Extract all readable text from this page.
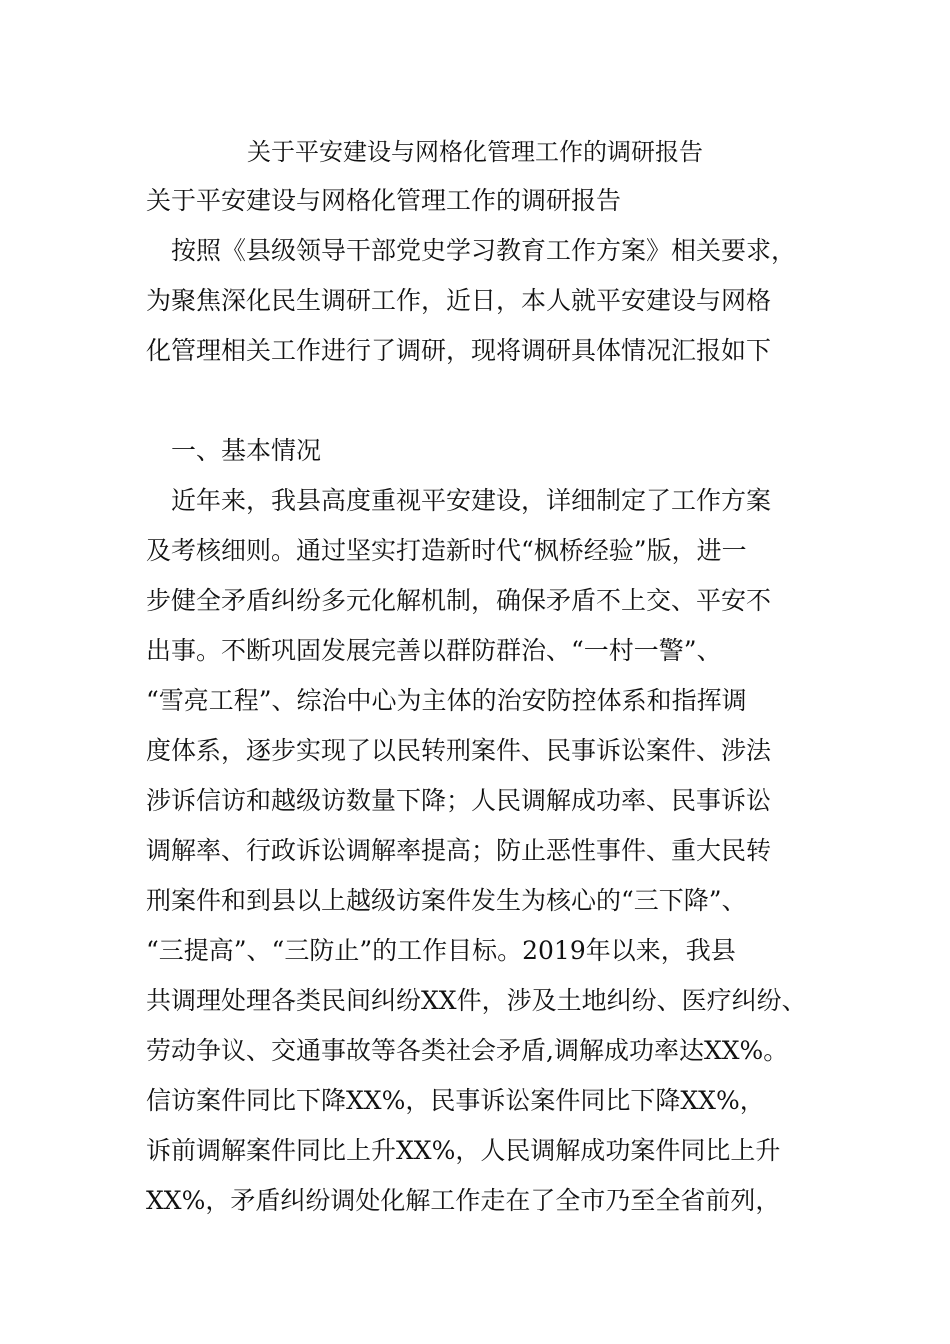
关于平安建设与网格化管理工作的调研报告
关于平安建设与网格化管理工作的调研报告
　按照《县级领导干部党史学习教育工作方案》相关要求，
为聚焦深化民生调研工作，近日，本人就平安建设与网格
化管理相关工作进行了调研，现将调研具体情况汇报如下
　一、基本情况
　近年来，我县高度重视平安建设，详细制定了工作方案
及考核细则。通过坚实打造新时代“枫桥经验”版，进一
步健全矛盾纠纷多元化解机制，确保矛盾不上交、平安不
出事。不断巩固发展完善以群防群治、“一村一警”、
“雪亮工程”、综治中心为主体的治安防控体系和指挥调
度体系，逐步实现了以民转刑案件、民事诉讼案件、涉法
涉诉信访和越级访数量下降；人民调解成功率、民事诉讼
调解率、行政诉讼调解率提高；防止恶性事件、重大民转
刑案件和到县以上越级访案件发生为核心的“三下降”、
“三提高”、“三防止”的工作目标。2019年以来，我县
共调理处理各类民间纠纷XX件，涉及土地纠纷、医疗纠纷、
劳动争议、交通事故等各类社会矛盾,调解成功率达XX%。
信访案件同比下降XX%，民事诉讼案件同比下降XX%，
诉前调解案件同比上升XX%，人民调解成功案件同比上升
XX%，矛盾纠纷调处化解工作走在了全市乃至全省前列，
